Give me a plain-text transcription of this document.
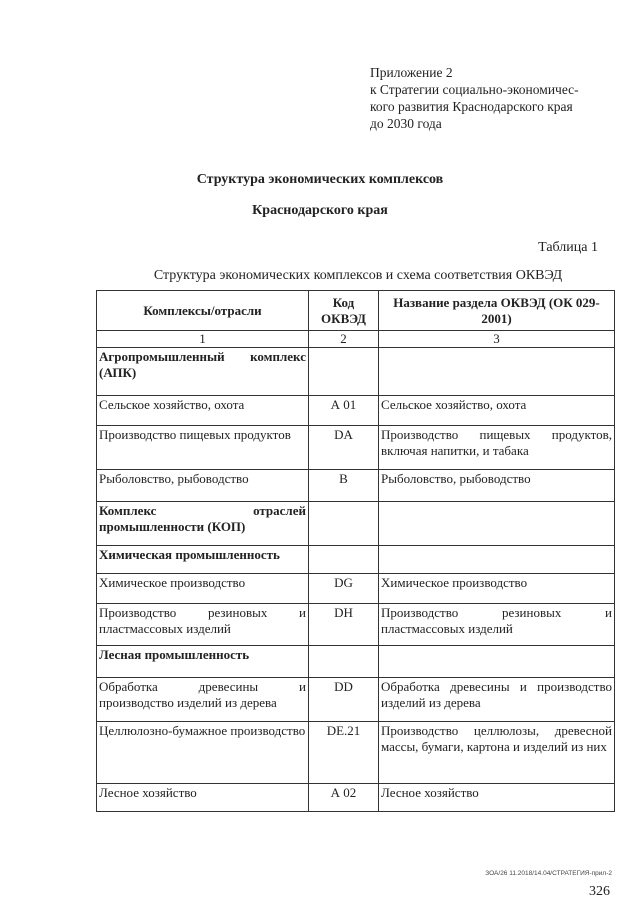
Приложение 2
к Стратегии социально-экономичес-
кого развития Краснодарского края
до 2030 года
Структура экономических комплексов
Краснодарского края
Таблица 1
Структура экономических комплексов и схема соответствия ОКВЭД
Комплексы/отрасли	Код ОКВЭД	Название раздела ОКВЭД (ОК 029-2001)
1	2	3
Агропромышленный комплекс (АПК)		
Сельское хозяйство, охота	А 01	Сельское хозяйство, охота
Производство пищевых продуктов	DA	Производство пищевых продуктов, включая напитки, и табака
Рыболовство, рыбоводство	B	Рыболовство, рыбоводство
Комплекс отраслей промышленности (КОП)		
Химическая промышленность		
Химическое производство	DG	Химическое производство
Производство резиновых и пластмассовых изделий	DH	Производство резиновых и пластмассовых изделий
Лесная промышленность		
Обработка древесины и производство изделий из дерева	DD	Обработка древесины и производство изделий из дерева
Целлюлозно-бумажное производство	DE.21	Производство целлюлозы, древесной массы, бумаги, картона и изделий из них
Лесное хозяйство	А 02	Лесное хозяйство
ЗОА/26 11.2018/14.04/СТРАТЕГИЯ-прил-2
326
